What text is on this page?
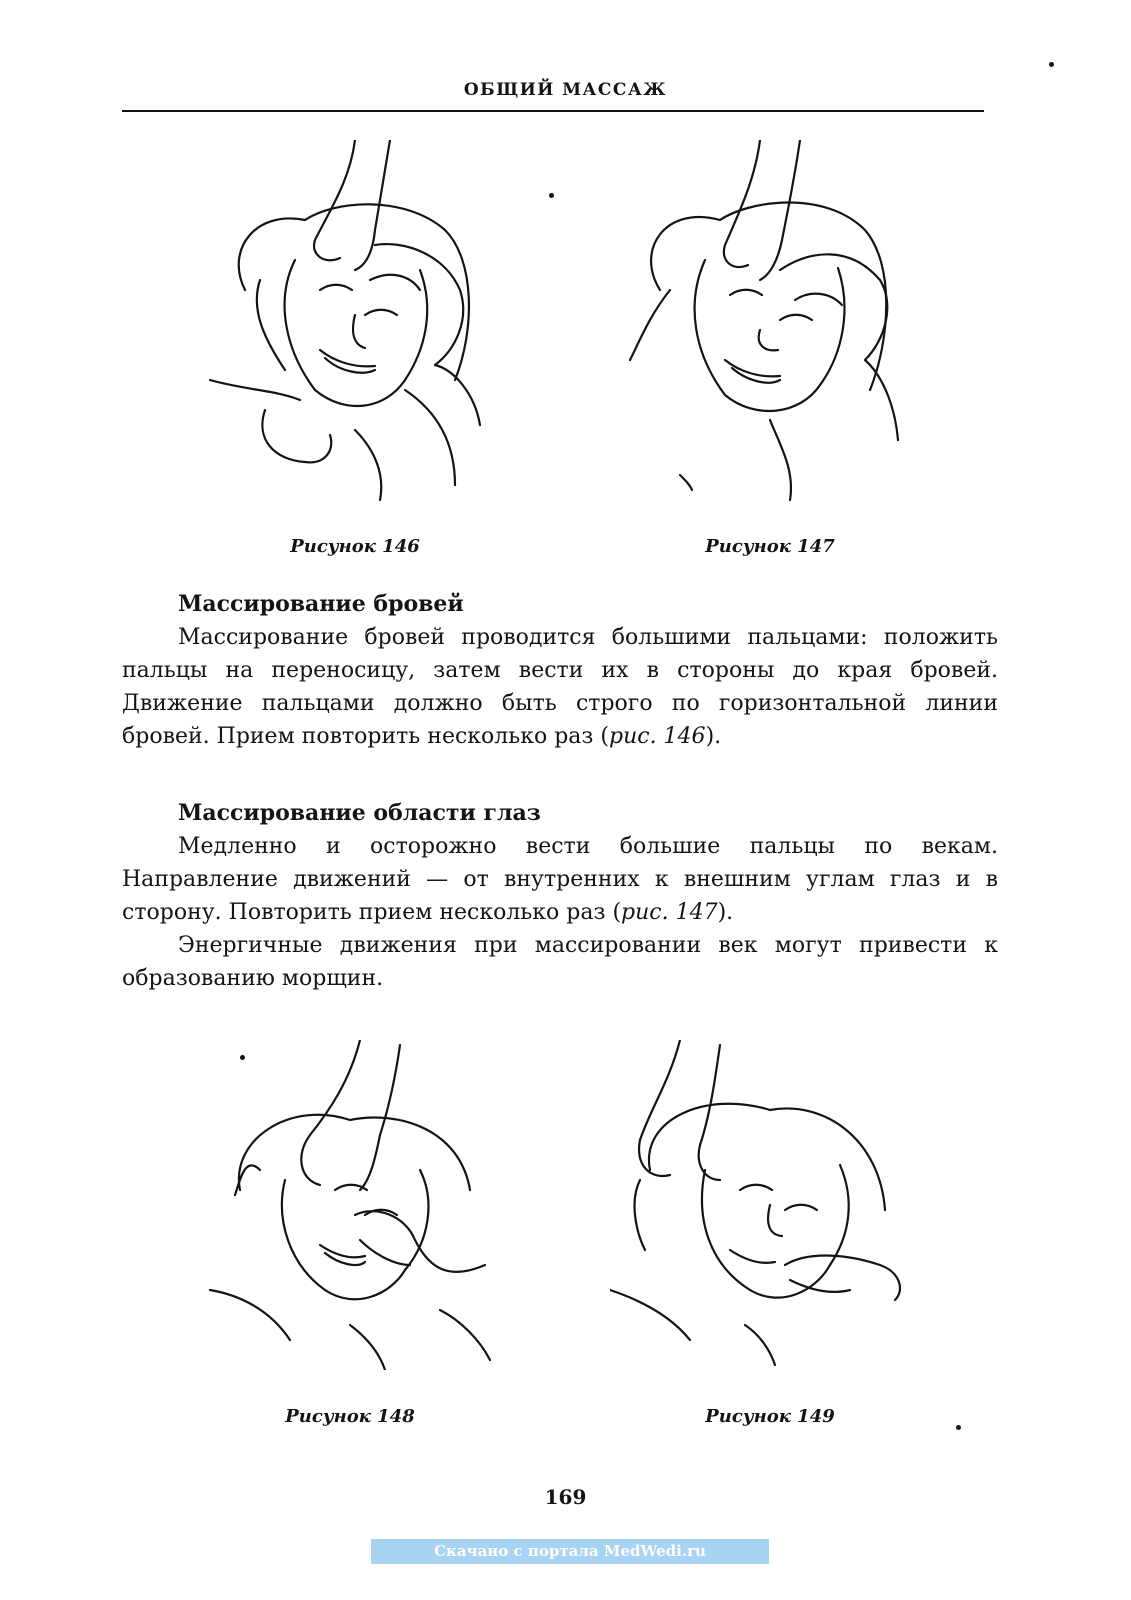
ОБЩИЙ МАССАЖ
Рисунок 146	Рисунок 147
Массирование бровей

Массирование бровей проводится большими пальцами: положить пальцы на переносицу, затем вести их в стороны до края бровей. Движение пальцами должно быть строго по горизонтальной линии бровей. Прием повторить несколько раз (рис. 146).

Массирование области глаз

Медленно и осторожно вести большие пальцы по векам. Направление движений — от внутренних к внешним углам глаз и в сторону. Повторить прием несколько раз (рис. 147).

Энергичные движения при массировании век могут привести к образованию морщин.

Рисунок 148	Рисунок 149
169
Скачано с портала MedWedi.ru
